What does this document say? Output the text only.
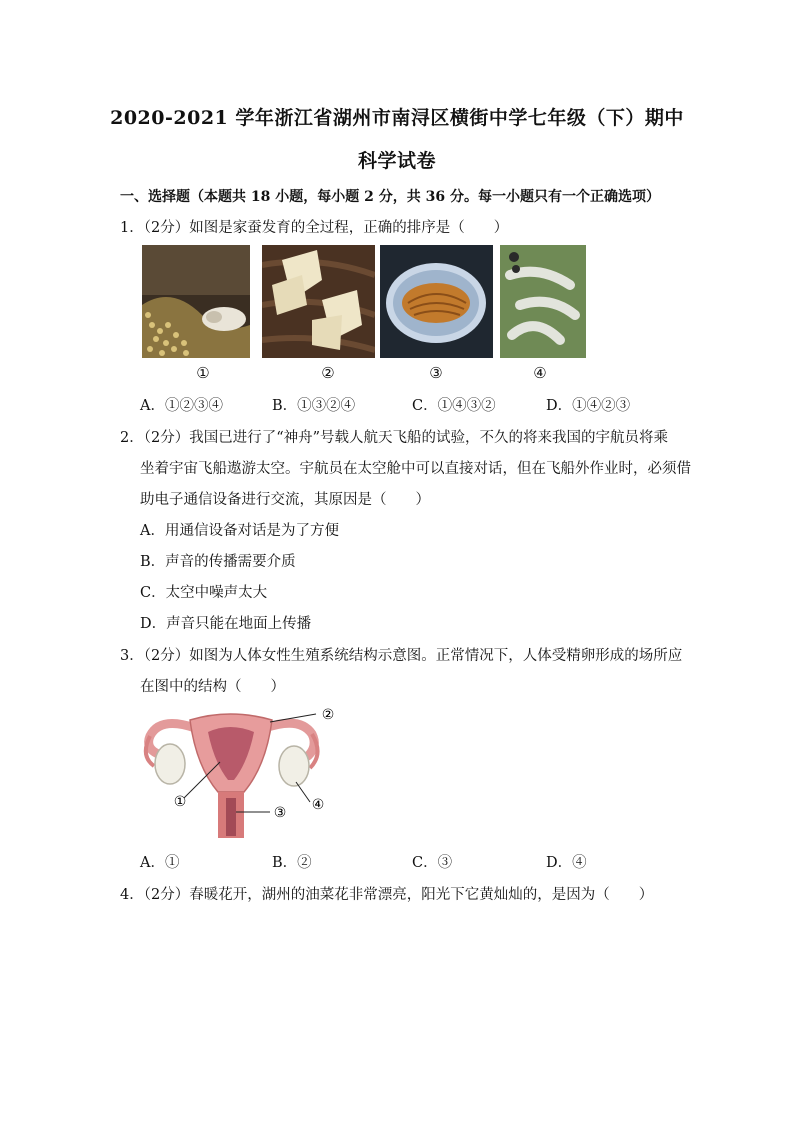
2020-2021 学年浙江省湖州市南浔区横街中学七年级（下）期中
科学试卷
一、选择题（本题共 18 小题，每小题 2 分，共 36 分。每一小题只有一个正确选项）
1．（2分）如图是家蚕发育的全过程，正确的排序是（　　）
①	②	③	④
A．①②③④	B．①③②④	C．①④③②	D．①④②③
2．（2分）我国已进行了“神舟”号载人航天飞船的试验，不久的将来我国的宇航员将乘
坐着宇宙飞船遨游太空。宇航员在太空舱中可以直接对话，但在飞船外作业时，必须借
助电子通信设备进行交流，其原因是（　　）
A．用通信设备对话是为了方便
B．声音的传播需要介质
C．太空中噪声太大
D．声音只能在地面上传播
3．（2分）如图为人体女性生殖系统结构示意图。正常情况下，人体受精卵形成的场所应
在图中的结构（　　）
①
②
③ ④
A．①	B．②	C．③	D．④
4．（2分）春暖花开，湖州的油菜花非常漂亮，阳光下它黄灿灿的，是因为（　　）
